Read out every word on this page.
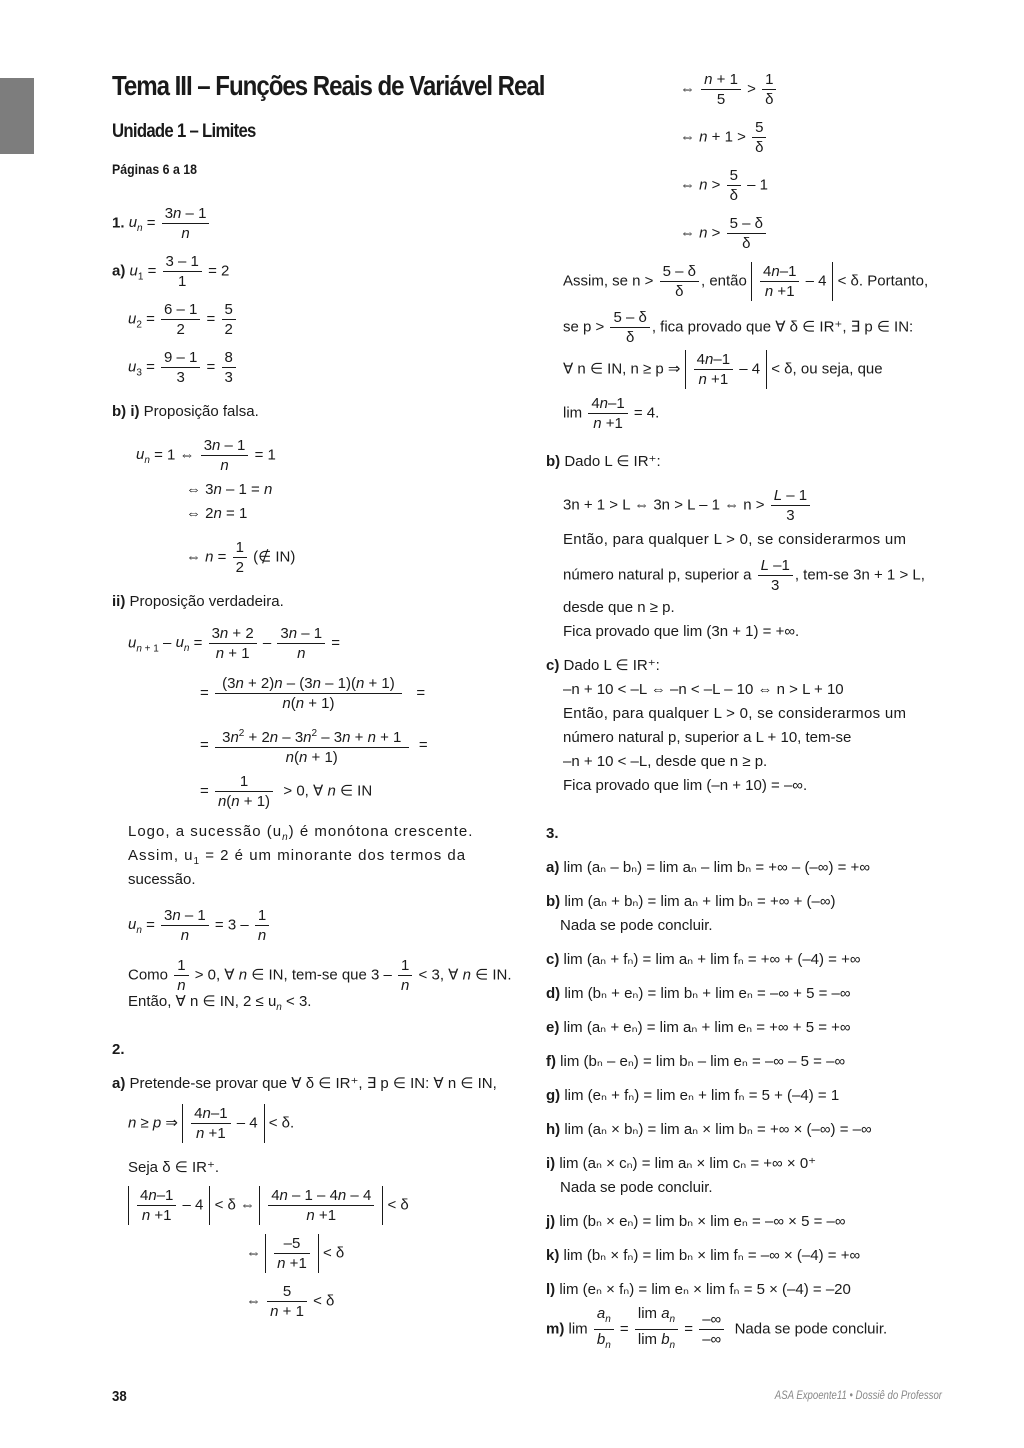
Tema III – Funções Reais de Variável Real
Unidade 1 – Limites
Páginas 6 a 18
1. $u_n = \frac{3n - 1}{n}$
a) $u_1 = \frac{3 - 1}{1} = 2$
$u_2 = \frac{6 - 1}{2} = \frac{5}{2}$
$u_3 = \frac{9 - 1}{3} = \frac{8}{3}$
b) i) Proposição falsa.
$u_n = 1$ ⇔ $\frac{3n - 1}{n} = 1$
⇔ 3n – 1 = n
⇔ 2n = 1
⇔ $n = \frac{1}{2}$ (∉ IN)
ii) Proposição verdadeira.
$u_{n + 1} - u_n = \frac{3n + 2}{n + 1} - \frac{3n - 1}{n}$ =
= $\frac{(3n + 2)n - (3n - 1)(n + 1)}{n(n + 1)}$ =
= $\frac{3n^2 + 2n - 3n^2 - 3n + n + 1}{n(n + 1)}$ =
= $\frac{1}{n(n + 1)} > 0$, ∀ n ∈ IN
Logo, a sucessão $(u_n)$ é monótona crescente.
Assim, $u_1 = 2$ é um minorante dos termos da
sucessão.
$u_n = \frac{3n - 1}{n} = 3 - \frac{1}{n}$
Como $\frac{1}{n} > 0$, ∀ n ∈ IN, tem-se que $3 - \frac{1}{n} < 3$, ∀ n ∈ IN.
Então, ∀ n ∈ IN, $2 \le u_n < 3$.
2.
a) Pretende-se provar que ∀ δ ∈ IR⁺, ∃ p ∈ IN: ∀ n ∈ IN,
n ≥ p ⇒ $\frac{4n-1}{n +1} - 4 < \delta$.
Seja δ ∈ IR⁺.
$\frac{4n-1}{n +1} - 4 < \delta$ ⇔ $\frac{4n - 1 - 4n - 4}{n +1} < \delta$
⇔ $\frac{-5}{n +1} < \delta$
⇔ $\frac{5}{n + 1} < \delta$
⇔ $\frac{n + 1}{5} > \frac{1}{\delta}$
⇔ $n + 1 > \frac{5}{\delta}$
⇔ $n > \frac{5}{\delta} - 1$
⇔ $n > \frac{5 - \delta}{\delta}$
Assim, se $n > \frac{5 - \delta}{\delta}$ , então $\frac{4n-1}{n +1} - 4 < \delta$. Portanto,
se $p > \frac{5 - \delta}{\delta}$ , fica provado que ∀ δ ∈ IR⁺, ∃ p ∈ IN:
∀ n ∈ IN, n ≥ p ⇒ $\frac{4n-1}{n +1} - 4 < \delta$, ou seja, que
$\lim \frac{4n-1}{n +1} = 4$.
b) Dado L ∈ IR⁺:
3n + 1 > L ⇔ 3n > L – 1 ⇔ $n > \frac{L - 1}{3}$
Então, para qualquer L > 0, se considerarmos um
número natural p, superior a $\frac{L -1}{3}$ , tem-se 3n + 1 > L,
desde que n ≥ p.
Fica provado que lim (3n + 1) = +∞.
c) Dado L ∈ IR⁺:
–n + 10 < –L ⇔ –n < –L – 10 ⇔ n > L + 10
Então, para qualquer L > 0, se considerarmos um
número natural p, superior a L + 10, tem-se
–n + 10 < –L, desde que n ≥ p.
Fica provado que lim (–n + 10) = –∞.
3.
a) lim (aₙ – bₙ) = lim aₙ – lim bₙ = +∞ – (–∞) = +∞
b) lim (aₙ + bₙ) = lim aₙ + lim bₙ = +∞ + (–∞)
Nada se pode concluir.
c) lim (aₙ + fₙ) = lim aₙ + lim fₙ = +∞ + (–4) = +∞
d) lim (bₙ + eₙ) = lim bₙ + lim eₙ = –∞ + 5 = –∞
e) lim (aₙ + eₙ) = lim aₙ + lim eₙ = +∞ + 5 = +∞
f) lim (bₙ – eₙ) = lim bₙ – lim eₙ = –∞ – 5 = –∞
g) lim (eₙ + fₙ) = lim eₙ + lim fₙ = 5 + (–4) = 1
h) lim (aₙ × bₙ) = lim aₙ × lim bₙ = +∞ × (–∞) = –∞
i) lim (aₙ × cₙ) = lim aₙ × lim cₙ = +∞ × 0⁺
Nada se pode concluir.
j) lim (bₙ × eₙ) = lim bₙ × lim eₙ = –∞ × 5 = –∞
k) lim (bₙ × fₙ) = lim bₙ × lim fₙ = –∞ × (–4) = +∞
l) lim (eₙ × fₙ) = lim eₙ × lim fₙ = 5 × (–4) = –20
m) $\lim \frac{a_n}{b_n} = \frac{\lim a_n}{\lim b_n} = \frac{-\infty}{-\infty}$ Nada se pode concluir.
38	ASA Expoente11 • Dossiê do Professor
